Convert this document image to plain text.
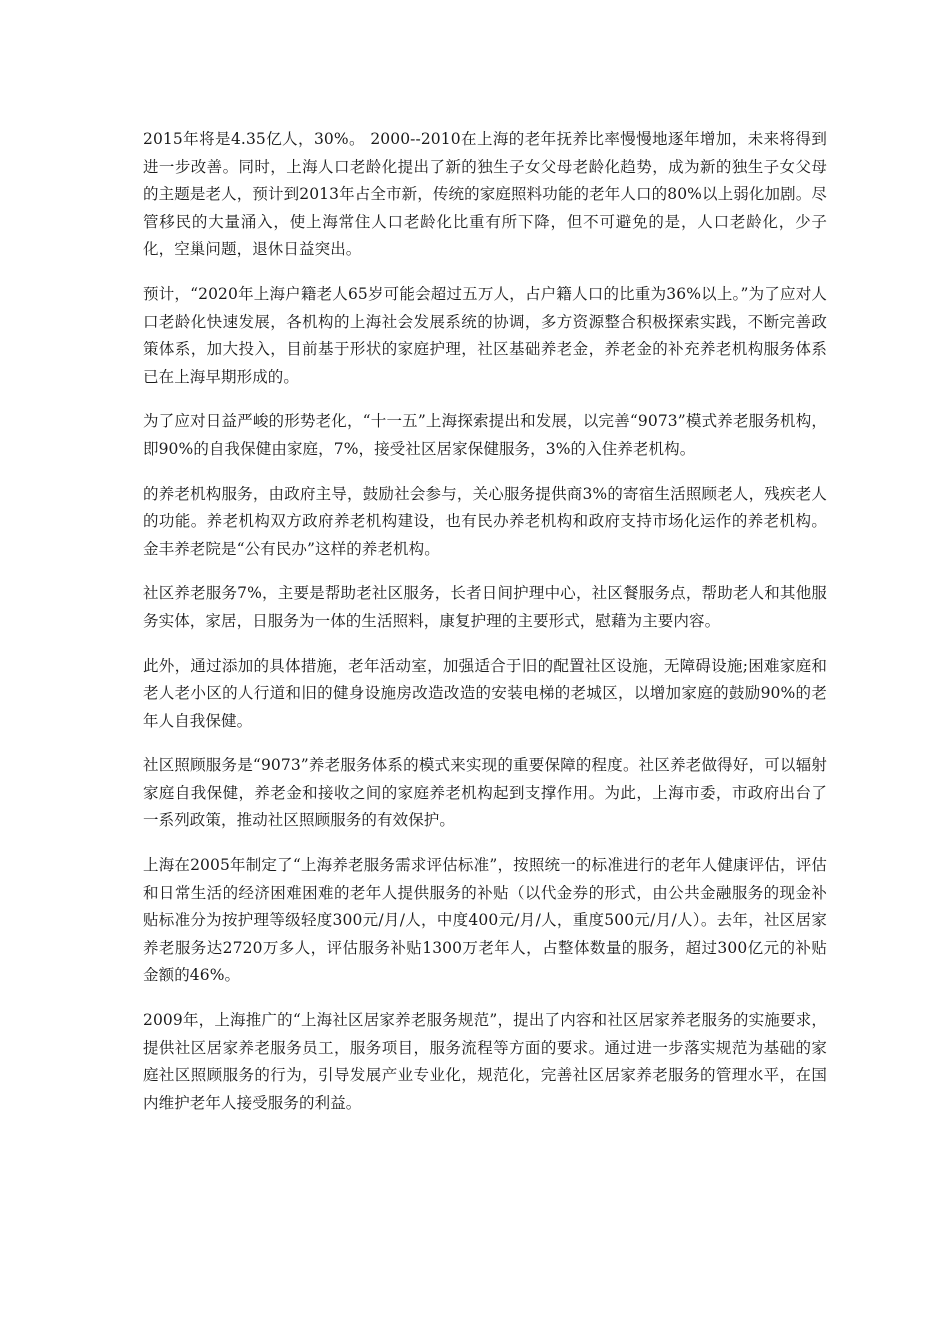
2015年将是4.35亿人，30%。 2000--2010在上海的老年抚养比率慢慢地逐年增加，未来将得到进一步改善。同时，上海人口老龄化提出了新的独生子女父母老龄化趋势，成为新的独生子女父母的主题是老人，预计到2013年占全市新，传统的家庭照料功能的老年人口的80%以上弱化加剧。尽管移民的大量涌入，使上海常住人口老龄化比重有所下降，但不可避免的是，人口老龄化，少子化，空巢问题，退休日益突出。

预计，“2020年上海户籍老人65岁可能会超过五万人，占户籍人口的比重为36%以上。”为了应对人口老龄化快速发展，各机构的上海社会发展系统的协调，多方资源整合积极探索实践，不断完善政策体系，加大投入，目前基于形状的家庭护理，社区基础养老金，养老金的补充养老机构服务体系已在上海早期形成的。

为了应对日益严峻的形势老化，“十一五”上海探索提出和发展，以完善“9073”模式养老服务机构，即90%的自我保健由家庭，7%，接受社区居家保健服务，3%的入住养老机构。

的养老机构服务，由政府主导，鼓励社会参与，关心服务提供商3%的寄宿生活照顾老人，残疾老人的功能。养老机构双方政府养老机构建设，也有民办养老机构和政府支持市场化运作的养老机构。金丰养老院是“公有民办”这样的养老机构。

社区养老服务7%，主要是帮助老社区服务，长者日间护理中心，社区餐服务点，帮助老人和其他服务实体，家居，日服务为一体的生活照料，康复护理的主要形式，慰藉为主要内容。

此外，通过添加的具体措施，老年活动室，加强适合于旧的配置社区设施，无障碍设施;困难家庭和老人老小区的人行道和旧的健身设施房改造改造的安装电梯的老城区，以增加家庭的鼓励90%的老年人自我保健。

社区照顾服务是“9073”养老服务体系的模式来实现的重要保障的程度。社区养老做得好，可以辐射家庭自我保健，养老金和接收之间的家庭养老机构起到支撑作用。为此，上海市委，市政府出台了一系列政策，推动社区照顾服务的有效保护。

上海在2005年制定了“上海养老服务需求评估标准”，按照统一的标准进行的老年人健康评估，评估和日常生活的经济困难困难的老年人提供服务的补贴（以代金券的形式，由公共金融服务的现金补贴标准分为按护理等级轻度300元/月/人，中度400元/月/人，重度500元/月/人）。去年，社区居家养老服务达2720万多人，评估服务补贴1300万老年人，占整体数量的服务，超过300亿元的补贴金额的46%。

2009年，上海推广的“上海社区居家养老服务规范”，提出了内容和社区居家养老服务的实施要求，提供社区居家养老服务员工，服务项目，服务流程等方面的要求。通过进一步落实规范为基础的家庭社区照顾服务的行为，引导发展产业专业化，规范化，完善社区居家养老服务的管理水平，在国内维护老年人接受服务的利益。
